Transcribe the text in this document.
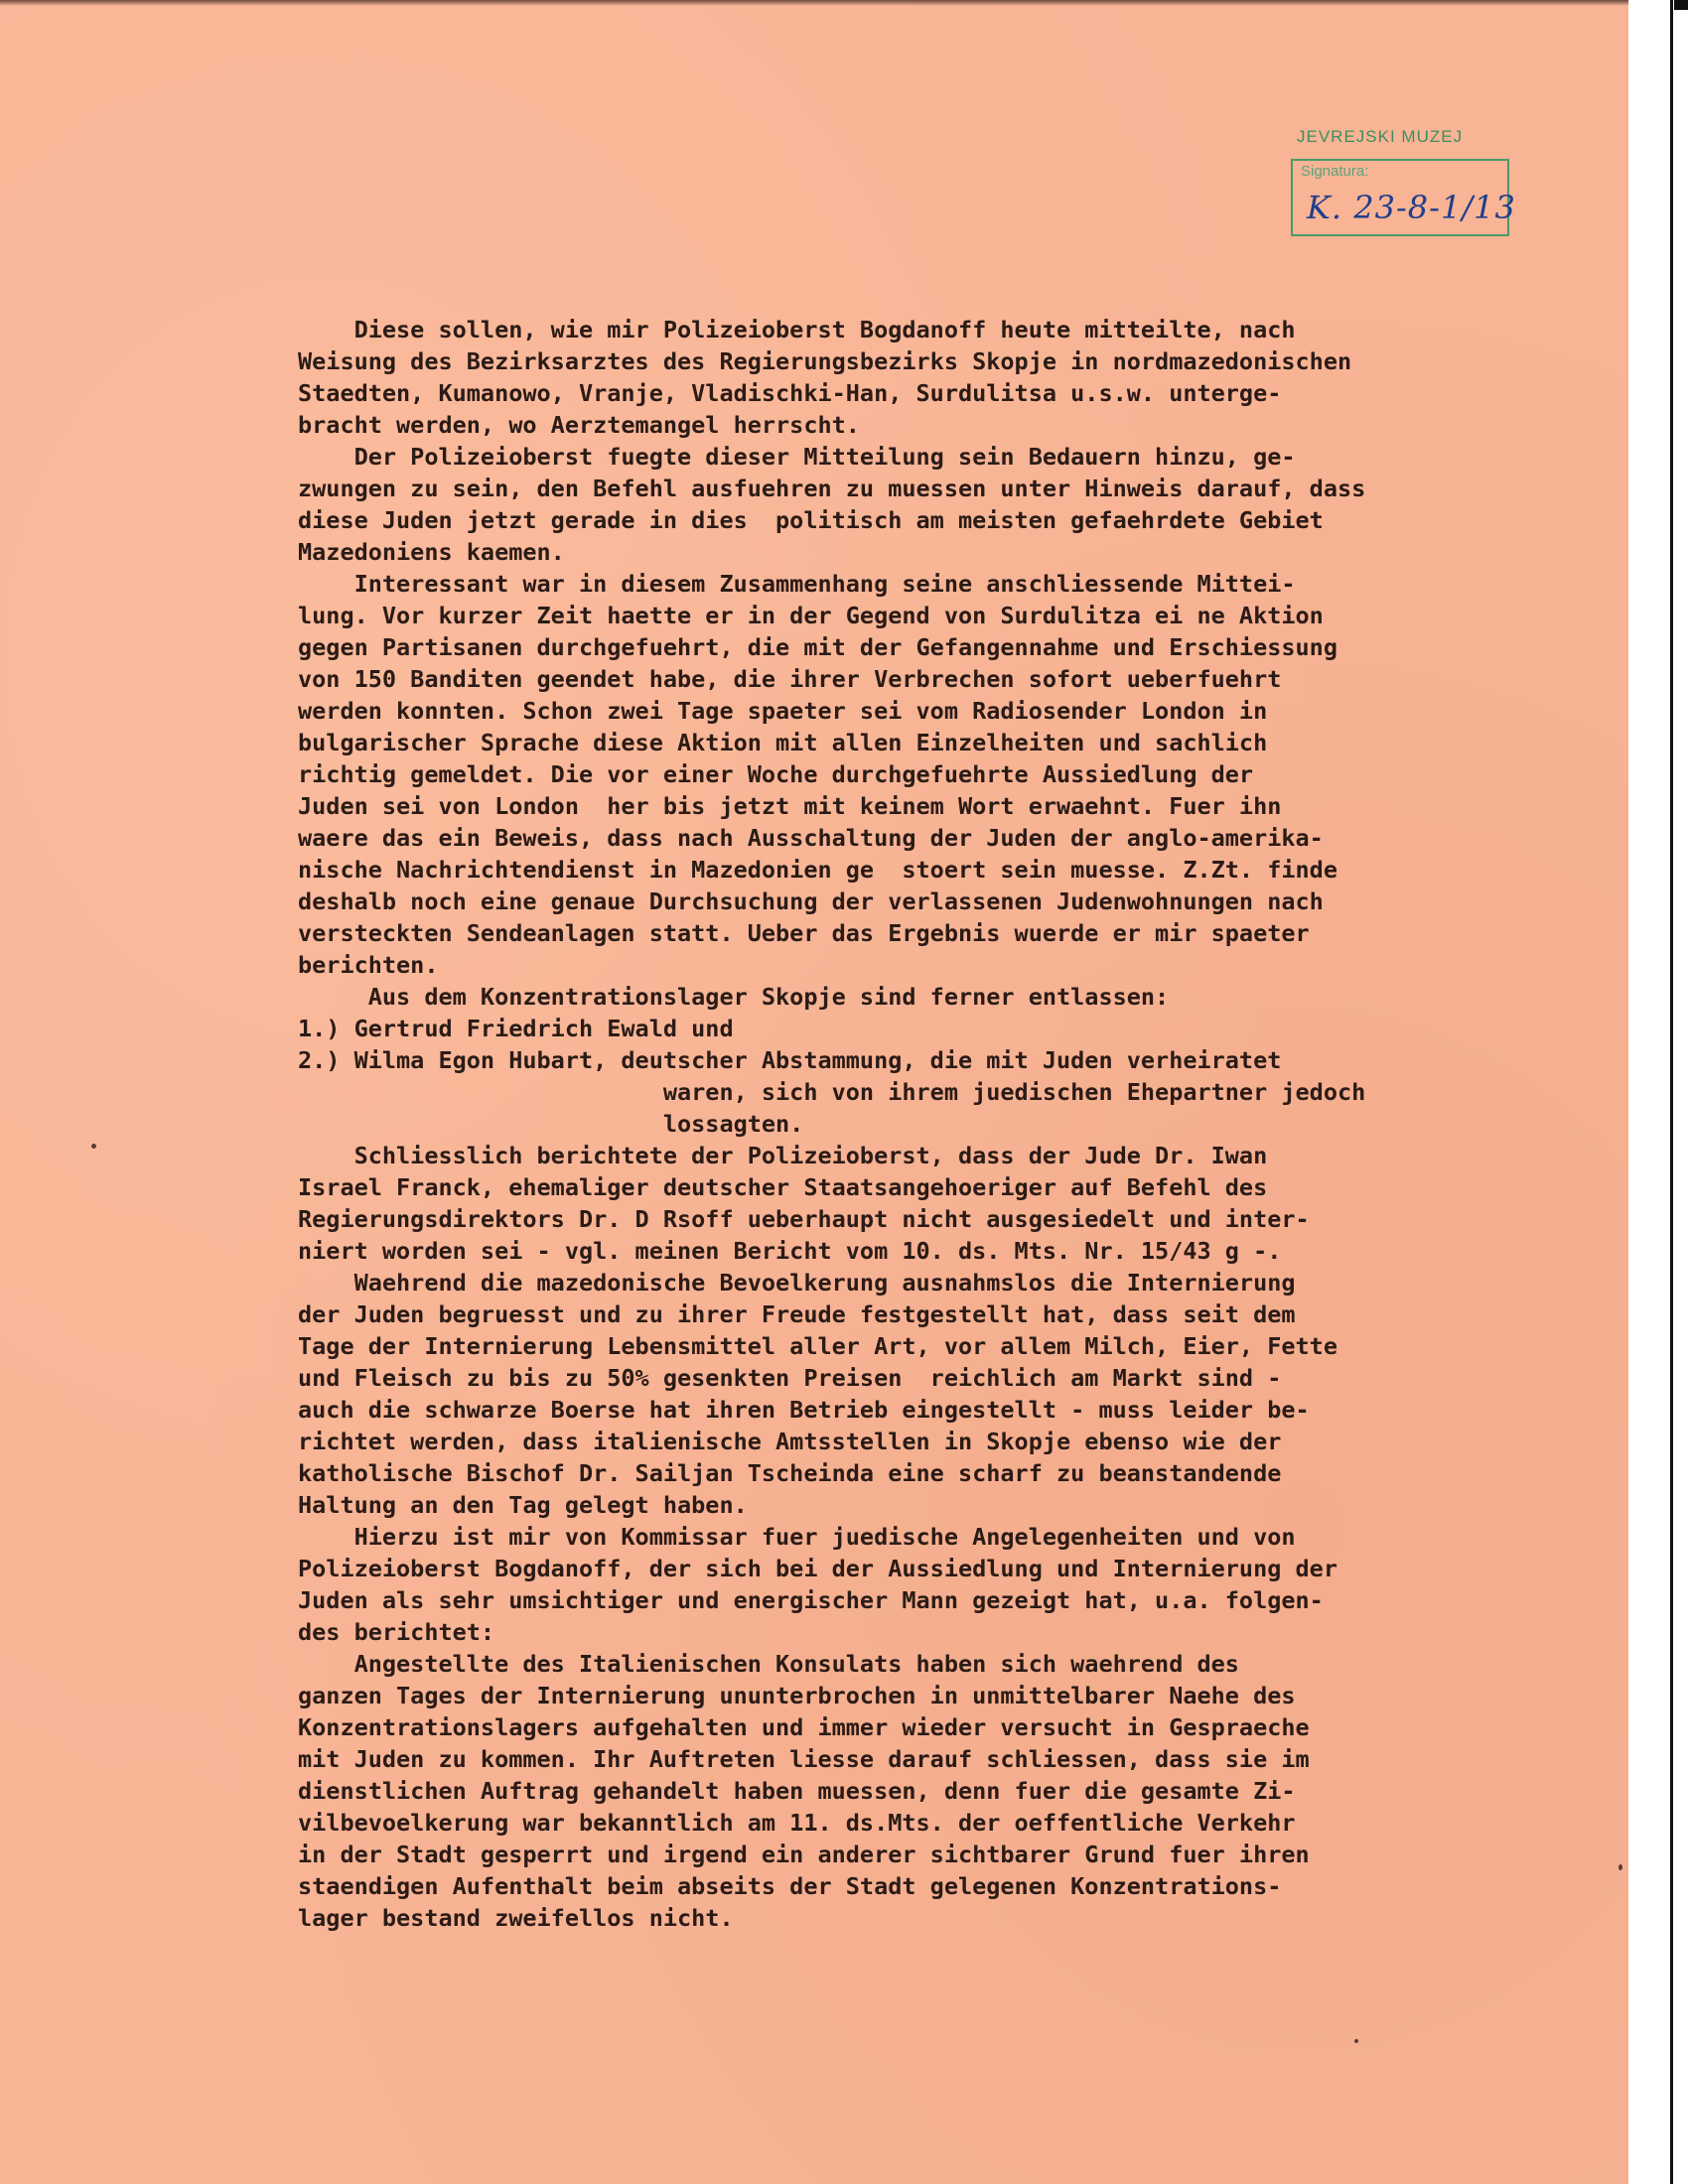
JEVREJSKI MUZEJ
Signatura:
K. 23-8-1/13
Diese sollen, wie mir Polizeioberst Bogdanoff heute mitteilte, nach
Weisung des Bezirksarztes des Regierungsbezirks Skopje in nordmazedonischen
Staedten, Kumanowo, Vranje, Vladischki-Han, Surdulitsa u.s.w. unterge-
bracht werden, wo Aerztemangel herrscht.
Der Polizeioberst fuegte dieser Mitteilung sein Bedauern hinzu, ge-
zwungen zu sein, den Befehl ausfuehren zu muessen unter Hinweis darauf, dass
diese Juden jetzt gerade in dies  politisch am meisten gefaehrdete Gebiet
Mazedoniens kaemen.
Interessant war in diesem Zusammenhang seine anschliessende Mittei-
lung. Vor kurzer Zeit haette er in der Gegend von Surdulitza ei ne Aktion
gegen Partisanen durchgefuehrt, die mit der Gefangennahme und Erschiessung
von 150 Banditen geendet habe, die ihrer Verbrechen sofort ueberfuehrt
werden konnten. Schon zwei Tage spaeter sei vom Radiosender London in
bulgarischer Sprache diese Aktion mit allen Einzelheiten und sachlich
richtig gemeldet. Die vor einer Woche durchgefuehrte Aussiedlung der
Juden sei von London  her bis jetzt mit keinem Wort erwaehnt. Fuer ihn
waere das ein Beweis, dass nach Ausschaltung der Juden der anglo-amerika-
nische Nachrichtendienst in Mazedonien ge  stoert sein muesse. Z.Zt. finde
deshalb noch eine genaue Durchsuchung der verlassenen Judenwohnungen nach
versteckten Sendeanlagen statt. Ueber das Ergebnis wuerde er mir spaeter
berichten.
Aus dem Konzentrationslager Skopje sind ferner entlassen:
1.) Gertrud Friedrich Ewald und
2.) Wilma Egon Hubart, deutscher Abstammung, die mit Juden verheiratet
waren, sich von ihrem juedischen Ehepartner jedoch
lossagten.
Schliesslich berichtete der Polizeioberst, dass der Jude Dr. Iwan
Israel Franck, ehemaliger deutscher Staatsangehoeriger auf Befehl des
Regierungsdirektors Dr. D Rsoff ueberhaupt nicht ausgesiedelt und inter-
niert worden sei - vgl. meinen Bericht vom 10. ds. Mts. Nr. 15/43 g -.
Waehrend die mazedonische Bevoelkerung ausnahmslos die Internierung
der Juden begruesst und zu ihrer Freude festgestellt hat, dass seit dem
Tage der Internierung Lebensmittel aller Art, vor allem Milch, Eier, Fette
und Fleisch zu bis zu 50% gesenkten Preisen  reichlich am Markt sind -
auch die schwarze Boerse hat ihren Betrieb eingestellt - muss leider be-
richtet werden, dass italienische Amtsstellen in Skopje ebenso wie der
katholische Bischof Dr. Sailjan Tscheinda eine scharf zu beanstandende
Haltung an den Tag gelegt haben.
Hierzu ist mir von Kommissar fuer juedische Angelegenheiten und von
Polizeioberst Bogdanoff, der sich bei der Aussiedlung und Internierung der
Juden als sehr umsichtiger und energischer Mann gezeigt hat, u.a. folgen-
des berichtet:
Angestellte des Italienischen Konsulats haben sich waehrend des
ganzen Tages der Internierung ununterbrochen in unmittelbarer Naehe des
Konzentrationslagers aufgehalten und immer wieder versucht in Gespraeche
mit Juden zu kommen. Ihr Auftreten liesse darauf schliessen, dass sie im
dienstlichen Auftrag gehandelt haben muessen, denn fuer die gesamte Zi-
vilbevoelkerung war bekanntlich am 11. ds.Mts. der oeffentliche Verkehr
in der Stadt gesperrt und irgend ein anderer sichtbarer Grund fuer ihren
staendigen Aufenthalt beim abseits der Stadt gelegenen Konzentrations-
lager bestand zweifellos nicht.
